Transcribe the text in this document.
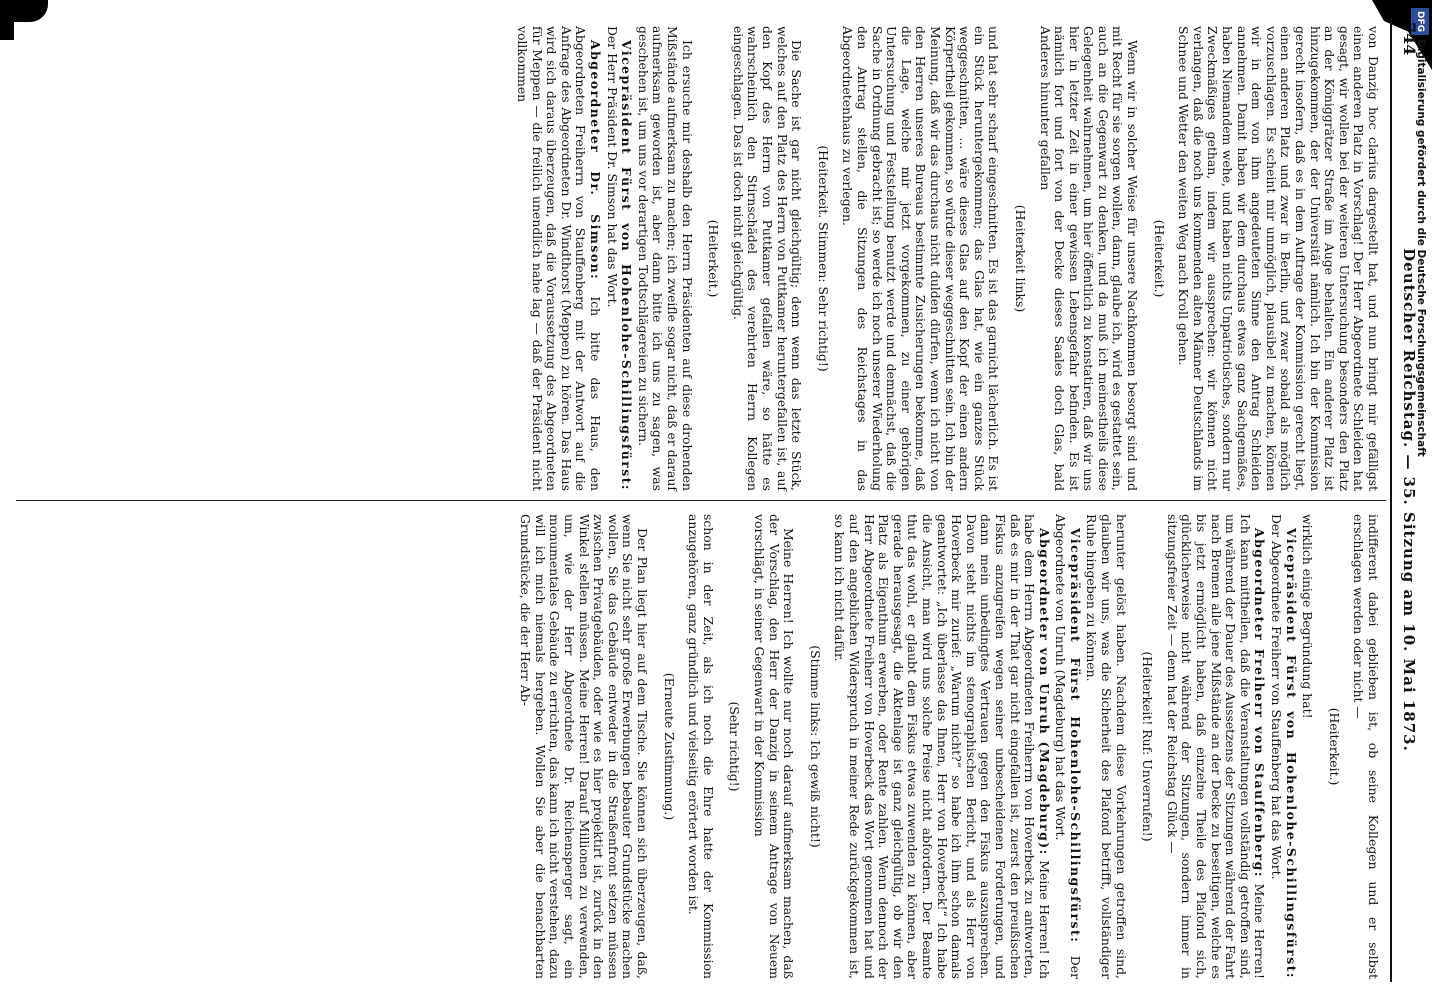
DFGDigitalisierung gefördert durch die Deutsche Forschungsgemeinschaft
744
Deutscher Reichstag. — 35. Sitzung am 10. Mai 1873.

von Danzig hoc clarius dargestellt hat, und nun bringt mir gefälligst einen anderen Platz in Vorschlag! Der Herr Abgeordnete Schleiden hat gesagt, wir wollen bei der weiteren Untersuchung besonders den Platz an der Königgrätzer Straße im Auge behalten. Ein anderer Platz ist hinzugekommen, der der Universität nämlich. Ich bin der Kommission gerecht insofern, daß es in dem Auftrage der Kommission gerecht liegt, einen anderen Platz und zwar in Berlin, und zwar sobald als möglich vorzuschlagen. Es scheint mir unmöglich, plausibel zu machen, können wir in dem von ihm angedeuteten Sinne den Antrag Schleiden annehmen. Damit haben wir dem durchaus etwas ganz Sachgemäßes, haben Niemandem wehe, und haben nichts Unpatriotisches, sondern nur Zweckmäßiges gethan, indem wir aussprechen: wir können nicht verlangen, daß die noch uns kommenden alten Männer Deutschlands im Schnee und Wetter den weiten Weg nach Kroll gehen.

(Heiterkeit.)

Wenn wir in solcher Weise für unsere Nachkommen besorgt sind und mit Recht für sie sorgen wollen, dann, glaube ich, wird es gestattet sein, auch an die Gegenwart zu denken, und da muß ich meinestheils diese Gelegenheit wahrnehmen, um hier öffentlich zu konstatiren, daß wir uns hier in letzter Zeit in einer gewissen Lebensgefahr befinden. Es ist nämlich fort und fort von der Decke dieses Saales doch Glas, bald Anderes hinunter gefallen

(Heiterkeit links)

und hat sehr scharf eingeschnitten. Es ist das garnicht lächerlich. Es ist ein Stück heruntergekommen; das Glas hat, wie ein ganzes Stück weggeschnitten, ... wäre dieses Glas auf den Kopf der einen andern Körpertheil gekommen, so würde dieser weggeschnitten sein. Ich bin der Meinung, daß wir das durchaus nicht dulden dürfen, wenn ich nicht von den Herren unseres Bureaus bestimmte Zusicherungen bekomme, daß die Lage, welche mir jetzt vorgekommen, zu einer gehörigen Untersuchung und Feststellung benutzt werde und demnächst, daß die Sache in Ordnung gebracht ist; so werde ich noch unserer Wiederholung den Antrag stellen, die Sitzungen des Reichstages in das Abgeordnetenhaus zu verlegen.

(Heiterkeit. Stimmen: Sehr richtig!)

Die Sache ist gar nicht gleichgültig; denn wenn das letzte Stück, welches auf den Platz des Herrn von Puttkamer heruntergefallen ist, auf den Kopf des Herrn von Puttkamer gefallen wäre, so hätte es wahrscheinlich den Stirnschädel des verehrten Herrn Kollegen eingeschlagen. Das ist doch nicht gleichgültig.

(Heiterkeit.)

Ich ersuche mir deshalb den Herrn Präsidenten auf diese drohenden Mißstände aufmerksam zu machen; ich zweifle sogar nicht, daß er darauf aufmerksam geworden ist, aber dann bitte ich uns zu sagen, was geschehen ist, um uns vor derartigen Todtschlägereien zu sichern.

Vicepräsident Fürst von Hohenlohe-Schillingsfürst: Der Herr Präsident Dr. Simson hat das Wort.

Abgeordneter Dr. Simson: Ich bitte das Haus, den Abgeordneten Freiherrn von Stauffenberg mit der Antwort auf die Anfrage des Abgeordneten Dr. Windthorst (Meppen) zu hören. Das Haus wird sich daraus überzeugen, daß die Voraussetzung des Abgeordneten für Meppen — die freilich unendlich nahe lag — daß der Präsident nicht vollkommen

indifferent dabei geblieben ist, ob seine Kollegen und er selbst erschlagen werden oder nicht —

(Heiterkeit.)

wirklich einige Begründung hat!

Vicepräsident Fürst von Hohenlohe-Schillingsfürst: Der Abgeordnete Freiherr von Stauffenberg hat das Wort.

Abgeordneter Freiherr von Stauffenberg: Meine Herren! Ich kann mittheilen, daß die Veranstaltungen vollständig getroffen sind, um während der Dauer des Aussetzens der Sitzungen während der Fahrt nach Bremen alle jene Mißstände an der Decke zu beseitigen, welche es bis jetzt ermöglicht haben, daß einzelne Theile des Plafond sich, glücklicherweise nicht während der Sitzungen, sondern immer in sitzungsfreier Zeit — denn hat der Reichstag Glück —

(Heiterkeit! Ruf: Unverrufen!)

herunter gelöst haben. Nachdem diese Vorkehrungen getroffen sind, glauben wir uns, was die Sicherheit des Plafond betrifft, vollständiger Ruhe hingeben zu können.

Vicepräsident Fürst Hohenlohe-Schillingsfürst: Der Abgeordnete von Unruh (Magdeburg) hat das Wort.

Abgeordneter von Unruh (Magdeburg): Meine Herren! Ich habe dem Herrn Abgeordneten Freiherrn von Hoverbeck zu antworten, daß es mir in der That gar nicht eingefallen ist, zuerst den preußischen Fiskus anzugreifen wegen seiner unbescheidenen Forderungen, und dann mein unbedingtes Vertrauen gegen den Fiskus auszusprechen. Davon steht nichts im stenographischen Bericht, und als Herr von Hoverbeck mir zurief: „Warum nicht?“ so habe ich ihm schon damals geantwortet: „Ich überlasse das Ihnen, Herr von Hoverbeck!“ Ich habe die Ansicht, man wird uns solche Preise nicht abfordern. Der Beamte thut das wohl, er glaubt dem Fiskus etwas zuwenden zu können, aber gerade herausgesagt, die Aktenlage ist ganz gleichgültig, ob wir den Platz als Eigenthum erwerben, oder Rente zahlen. Wenn dennoch der Herr Abgeordnete Freiherr von Hoverbeck das Wort genommen hat und auf den angeblichen Widerspruch in meiner Rede zurückgekommen ist, so kann ich nicht dafür.

(Stimme links: Ich gewiß nicht!)

Meine Herren! Ich wollte nur noch darauf aufmerksam machen, daß der Vorschlag, den Herr der Danzig in seinem Antrage von Neuem vorschlägt, in seiner Gegenwart in der Kommission

(Sehr richtig!)

schon in der Zeit, als ich noch die Ehre hatte der Kommission anzugehören, ganz gründlich und vielseitig erörtert worden ist.

(Erneute Zustimmung.)

Der Plan liegt hier auf dem Tische. Sie können sich überzeugen, daß, wenn Sie nicht sehr große Erwerbungen bebauter Grundstücke machen wollen, Sie das Gebäude entweder in die Straßenfront setzen müssen zwischen Privatgebäuden, oder wie es hier projektirt ist, zurück in den Winkel stellen müssen. Meine Herren! Darauf Millionen zu verwenden, um, wie der Herr Abgeordnete Dr. Reichensperger sagt, ein monumentales Gebäude zu errichten, das kann ich nicht verstehen, dazu will ich mich niemals hergeben. Wollen Sie aber die benachbarten Grundstücke, die der Herr Ab-
